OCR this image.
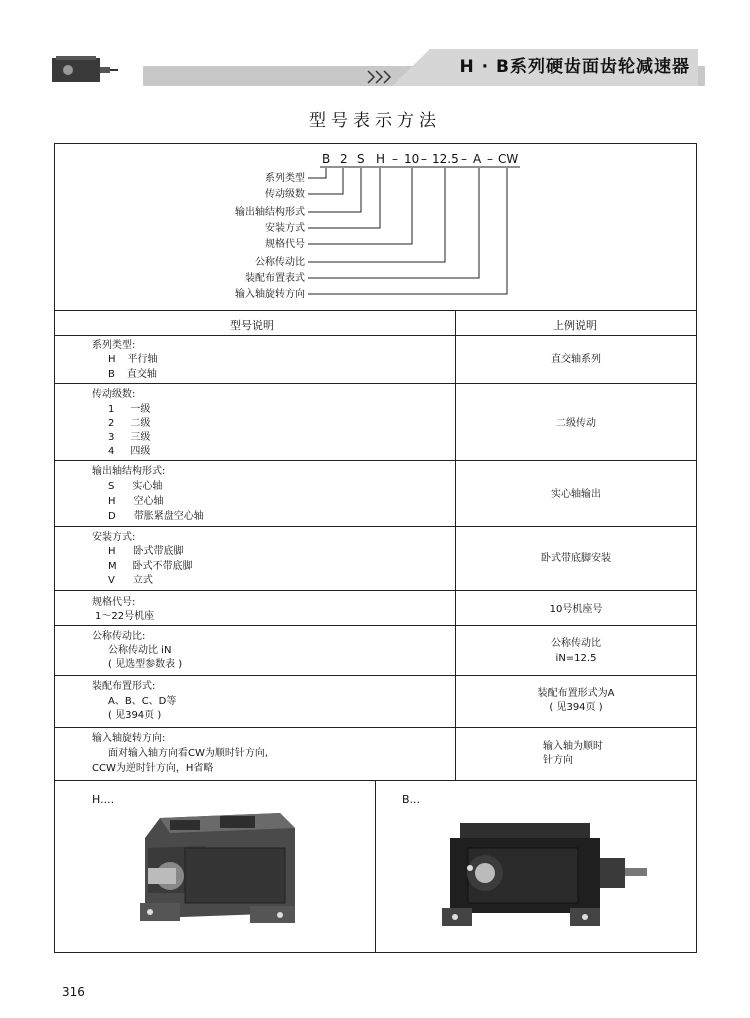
H · B系列硬齿面齿轮减速器
型号表示方法
B 2 S H – 10 – 12.5 – A – CW
系列类型
传动级数
输出轴结构形式
安装方式
规格代号
公称传动比
装配布置表式
输入轴旋转方向
型号说明	上例说明
系列类型:
H 平行轴
B 直交轴
直交轴系列
传动级数:
1 一级
2 二级
3 三级
4 四级
二级传动
输出轴结构形式:
S 实心轴
H 空心轴
D 带胀紧盘空心轴
实心轴输出
安装方式:
H 卧式带底脚
M 卧式不带底脚
V 立式
卧式带底脚安装
规格代号:
1～22号机座
10号机座号
公称传动比:
公称传动比 iN
( 见选型参数表 )
公称传动比
iN=12.5
装配布置形式:
A、B、C、D等
( 见394页 )
装配布置形式为A
( 见394页 )
输入轴旋转方向:
面对输入轴方向看CW为顺时针方向,
CCW为逆时针方向，H省略
输入轴为顺时
针方向
H....	B...
316
